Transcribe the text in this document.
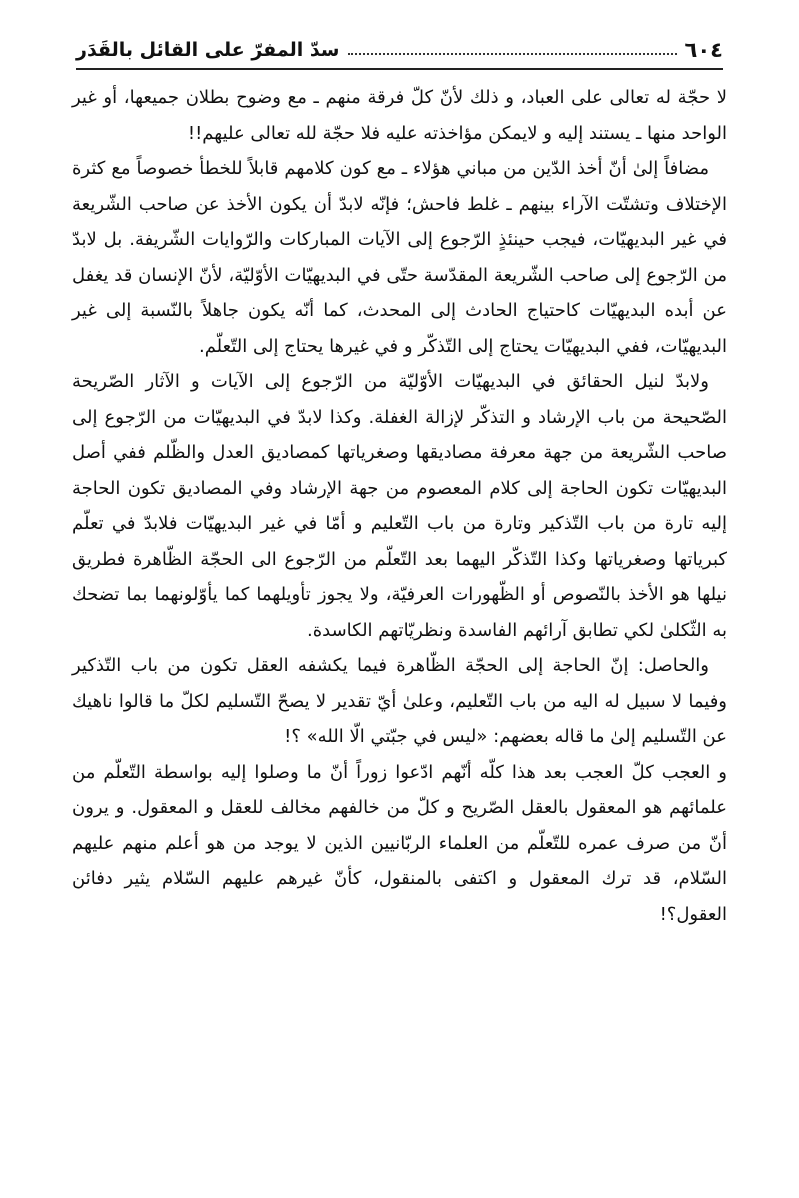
٦٠٤
سدّ المفرّ على القائل بالقَدَر

لا حجّة له تعالى على العباد، و ذلك لأنّ كلّ فرقة منهم ـ مع وضوح بطلان جميعها، أو غير الواحد منها ـ يستند إليه و لايمكن مؤاخذته عليه فلا حجّة لله تعالى عليهم!!

مضافاً إلىٰ أنّ أخذ الدّين من مباني هؤلاء ـ مع كون كلامهم قابلاً للخطأ خصوصاً مع كثرة الإختلاف وتشتّت الآراء بينهم ـ غلط فاحش؛ فإنّه لابدّ أن يكون الأخذ عن صاحب الشّريعة في غير البديهيّات، فيجب حينئذٍ الرّجوع إلى الآيات المباركات والرّوايات الشّريفة. بل لابدّ من الرّجوع إلى صاحب الشّريعة المقدّسة حتّى في البديهيّات الأوّليّة، لأنّ الإنسان قد يغفل عن أبده البديهيّات كاحتياج الحادث إلى المحدث، كما أنّه يكون جاهلاً بالنّسبة إلى غير البديهيّات، ففي البديهيّات يحتاج إلى التّذكّر و في غيرها يحتاج إلى التّعلّم.

ولابدّ لنيل الحقائق في البديهيّات الأوّليّة من الرّجوع إلى الآيات و الآثار الصّريحة الصّحيحة من باب الإرشاد و التذكّر لإزالة الغفلة. وكذا لابدّ في البديهيّات من الرّجوع إلى صاحب الشّريعة من جهة معرفة مصاديقها وصغرياتها كمصاديق العدل والظّلم ففي أصل البديهيّات تكون الحاجة إلى كلام المعصوم من جهة الإرشاد وفي المصاديق تكون الحاجة إليه تارة من باب التّذكير وتارة من باب التّعليم و أمّا في غير البديهيّات فلابدّ في تعلّم كبرياتها وصغرياتها وكذا التّذكّر اليهما بعد التّعلّم من الرّجوع الى الحجّة الظّاهرة فطريق نيلها هو الأخذ بالنّصوص أو الظّهورات العرفيّة، ولا يجوز تأويلهما كما يأوّلونهما بما تضحك به الثّكلىٰ لكي تطابق آرائهم الفاسدة ونظريّاتهم الكاسدة.

والحاصل: إنّ الحاجة إلى الحجّة الظّاهرة فيما يكشفه العقل تكون من باب التّذكير وفيما لا سبيل له اليه من باب التّعليم، وعلىٰ أيّ تقدير لا يصحّ التّسليم لكلّ ما قالوا ناهيك عن التّسليم إلىٰ ما قاله بعضهم: «ليس في جبّتي الّا الله» ؟!

و العجب كلّ العجب بعد هذا كلّه أنّهم ادّعوا زوراً أنّ ما وصلوا إليه بواسطة التّعلّم من علمائهم هو المعقول بالعقل الصّريح و كلّ من خالفهم مخالف للعقل و المعقول. و يرون أنّ من صرف عمره للتّعلّم من العلماء الربّانيين الذين لا يوجد من هو أعلم منهم عليهم السّلام، قد ترك المعقول و اكتفى بالمنقول، كأنّ غيرهم عليهم السّلام يثير دفائن العقول؟!
